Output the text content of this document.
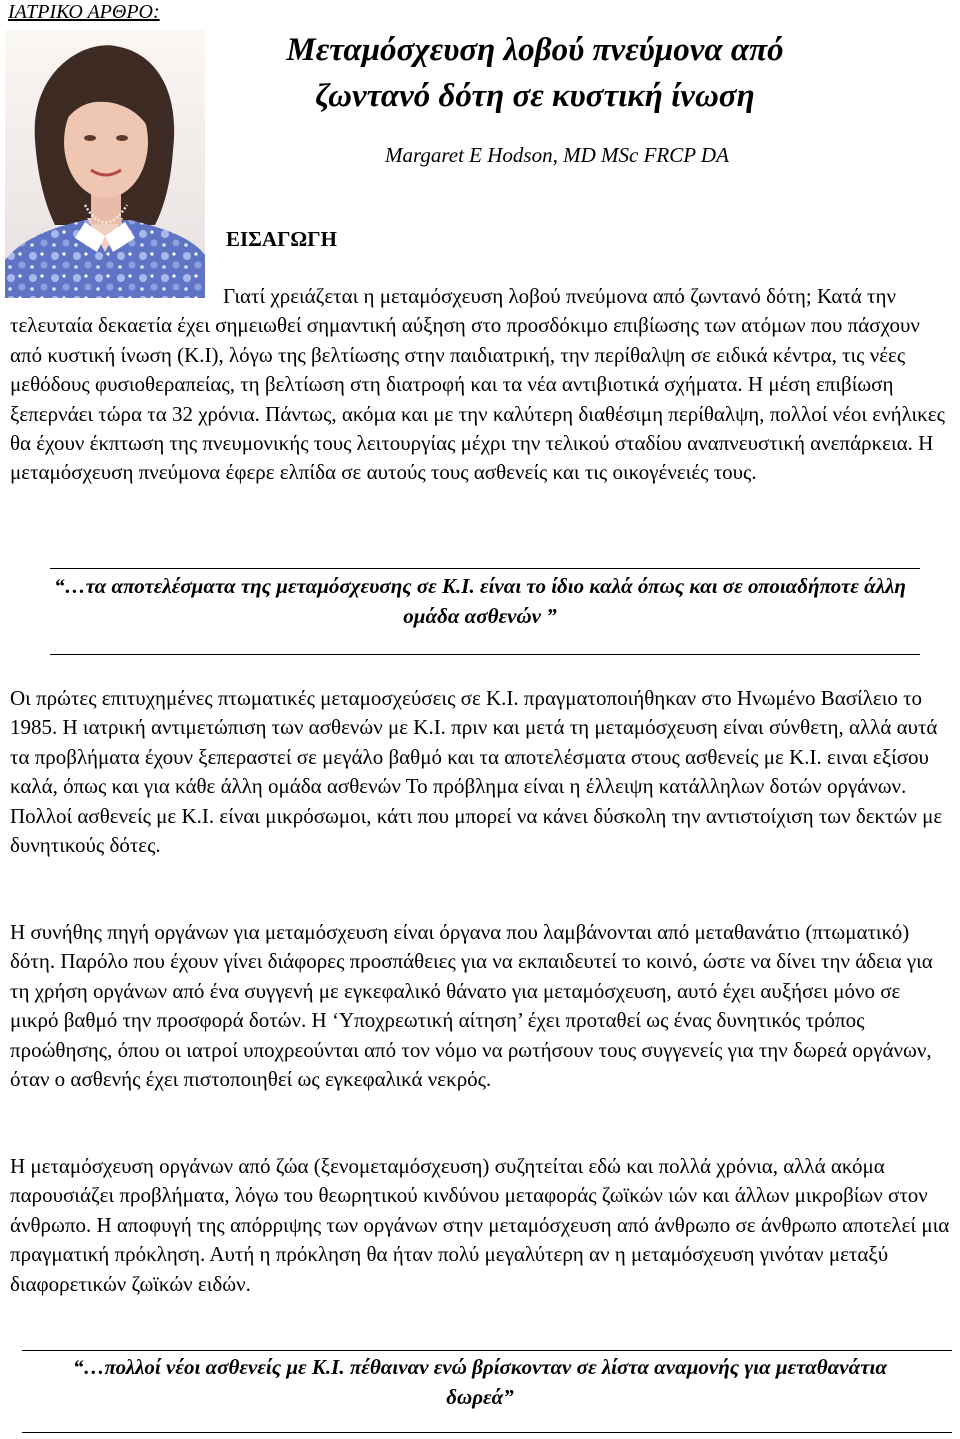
ΙΑΤΡΙΚΟ ΑΡΘΡΟ:
Μεταμόσχευση λοβού πνεύμονα από ζωντανό δότη σε κυστική ίνωση
Margaret E Hodson, MD MSc FRCP DA
ΕΙΣΑΓΩΓΗ

Γιατί χρειάζεται η μεταμόσχευση λοβού πνεύμονα από ζωντανό δότη; Κατά την τελευταία δεκαετία έχει σημειωθεί σημαντική αύξηση στο προσδόκιμο επιβίωσης των ατόμων που πάσχουν από κυστική ίνωση (Κ.Ι), λόγω της βελτίωσης στην παιδιατρική, την περίθαλψη σε ειδικά κέντρα, τις νέες μεθόδους φυσιοθεραπείας, τη βελτίωση στη διατροφή και τα νέα αντιβιοτικά σχήματα. Η μέση επιβίωση ξεπερνάει τώρα τα 32 χρόνια. Πάντως, ακόμα και με την καλύτερη διαθέσιμη περίθαλψη, πολλοί νέοι ενήλικες θα έχουν έκπτωση της πνευμονικής τους λειτουργίας μέχρι την τελικού σταδίου αναπνευστική ανεπάρκεια. Η μεταμόσχευση πνεύμονα έφερε ελπίδα σε αυτούς τους ασθενείς και τις οικογένειές τους.

“…τα αποτελέσματα της μεταμόσχευσης σε Κ.Ι. είναι το ίδιο καλά όπως και σε οποιαδήποτε άλλη ομάδα ασθενών ”

Οι πρώτες επιτυχημένες πτωματικές μεταμοσχεύσεις σε Κ.Ι. πραγματοποιήθηκαν στο Ηνωμένο Βασίλειο το 1985. Η ιατρική αντιμετώπιση των ασθενών με Κ.Ι. πριν και μετά τη μεταμόσχευση είναι σύνθετη, αλλά αυτά τα προβλήματα έχουν ξεπεραστεί σε μεγάλο βαθμό και τα αποτελέσματα στους ασθενείς με Κ.Ι. ειναι εξίσου καλά, όπως και για κάθε άλλη ομάδα ασθενών Το πρόβλημα είναι η έλλειψη κατάλληλων δοτών οργάνων. Πολλοί ασθενείς με Κ.Ι. είναι μικρόσωμοι, κάτι που μπορεί να κάνει δύσκολη την αντιστοίχιση των δεκτών με δυνητικούς δότες.

Η συνήθης πηγή οργάνων για μεταμόσχευση είναι όργανα που λαμβάνονται από μεταθανάτιο (πτωματικό) δότη. Παρόλο που έχουν γίνει διάφορες προσπάθειες για να εκπαιδευτεί το κοινό, ώστε να δίνει την άδεια για τη χρήση οργάνων από ένα συγγενή με εγκεφαλικό θάνατο για μεταμόσχευση, αυτό έχει αυξήσει μόνο σε μικρό βαθμό την προσφορά δοτών. Η ‘Υποχρεωτική αίτηση’ έχει προταθεί ως ένας δυνητικός τρόπος προώθησης, όπου οι ιατροί υποχρεούνται από τον νόμο να ρωτήσουν τους συγγενείς για την δωρεά οργάνων, όταν ο ασθενής έχει πιστοποιηθεί ως εγκεφαλικά νεκρός.

Η μεταμόσχευση οργάνων από ζώα (ξενομεταμόσχευση) συζητείται εδώ και πολλά χρόνια, αλλά ακόμα παρουσιάζει προβλήματα, λόγω του θεωρητικού κινδύνου μεταφοράς ζωϊκών ιών και άλλων μικροβίων στον άνθρωπο. Η αποφυγή της απόρριψης των οργάνων στην μεταμόσχευση από άνθρωπο σε άνθρωπο αποτελεί μια πραγματική πρόκληση. Αυτή η πρόκληση θα ήταν πολύ μεγαλύτερη αν η μεταμόσχευση γινόταν μεταξύ διαφορετικών ζωϊκών ειδών.

“…πολλοί νέοι ασθενείς με Κ.Ι. πέθαιναν ενώ βρίσκονταν σε λίστα αναμονής για μεταθανάτια δωρεά”
